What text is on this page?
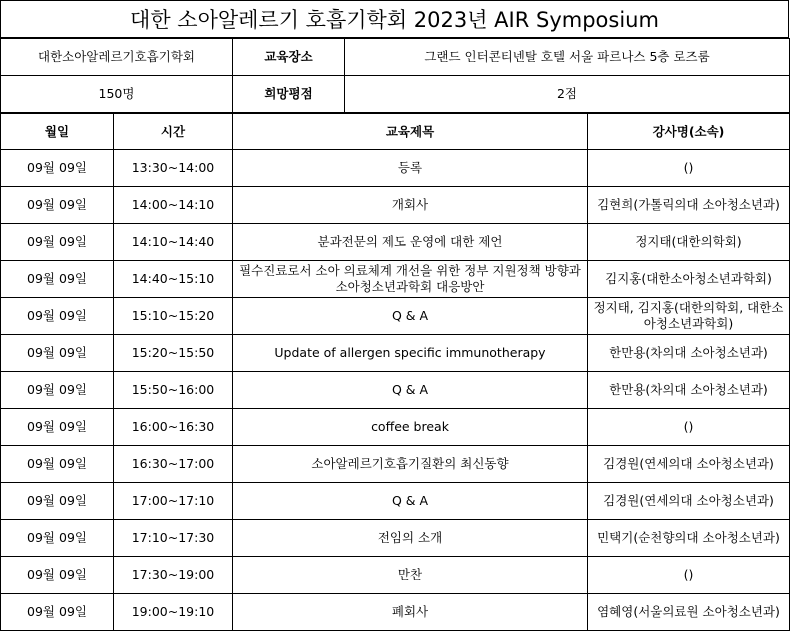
대한 소아알레르기 호흡기학회 2023년 AIR Symposium
대한소아알레르기호흡기학회	교육장소	그랜드 인터콘티넨탈 호텔 서울 파르나스 5층 로즈룸
150명	희망평점	2점
월일	시간	교육제목	강사명(소속)
09월 09일	13:30~14:00	등록	()
09월 09일	14:00~14:10	개회사	김현희(가톨릭의대 소아청소년과)
09월 09일	14:10~14:40	분과전문의 제도 운영에 대한 제언	정지태(대한의학회)
09월 09일	14:40~15:10	필수진료로서 소아 의료체계 개선을 위한 정부 지원정책 방향과 소아청소년과학회 대응방안	김지홍(대한소아청소년과학회)
09월 09일	15:10~15:20	Q & A	정지태, 김지홍(대한의학회, 대한소아청소년과학회)
09월 09일	15:20~15:50	Update of allergen specific immunotherapy	한만용(차의대 소아청소년과)
09월 09일	15:50~16:00	Q & A	한만용(차의대 소아청소년과)
09월 09일	16:00~16:30	coffee break	()
09월 09일	16:30~17:00	소아알레르기호흡기질환의 최신동향	김경원(연세의대 소아청소년과)
09월 09일	17:00~17:10	Q & A	김경원(연세의대 소아청소년과)
09월 09일	17:10~17:30	전임의 소개	민택기(순천향의대 소아청소년과)
09월 09일	17:30~19:00	만찬	()
09월 09일	19:00~19:10	폐회사	염혜영(서울의료원 소아청소년과)
